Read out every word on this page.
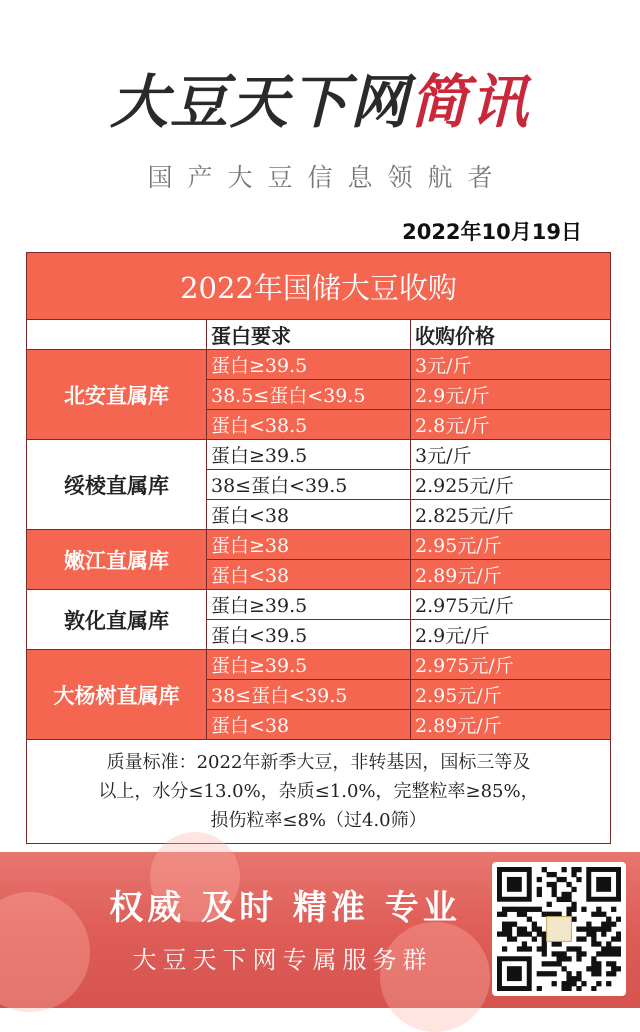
大豆天下网简讯
国产大豆信息领航者
2022年10月19日
2022年国储大豆收购		
	蛋白要求	收购价格
北安直属库	蛋白≥39.5	3元/斤
	38.5≤蛋白<39.5	2.9元/斤
	蛋白<38.5	2.8元/斤
绥棱直属库	蛋白≥39.5	3元/斤
	38≤蛋白<39.5	2.925元/斤
	蛋白<38	2.825元/斤
嫩江直属库	蛋白≥38	2.95元/斤
	蛋白<38	2.89元/斤
敦化直属库	蛋白≥39.5	2.975元/斤
	蛋白<39.5	2.9元/斤
大杨树直属库	蛋白≥39.5	2.975元/斤
	38≤蛋白<39.5	2.95元/斤
	蛋白<38	2.89元/斤

质量标准：2022年新季大豆，非转基因，国标三等及
以上，水分≤13.0%，杂质≤1.0%，完整粒率≥85%，
损伤粒率≤8%（过4.0筛）		
权威 及时 精准 专业
大豆天下网专属服务群
